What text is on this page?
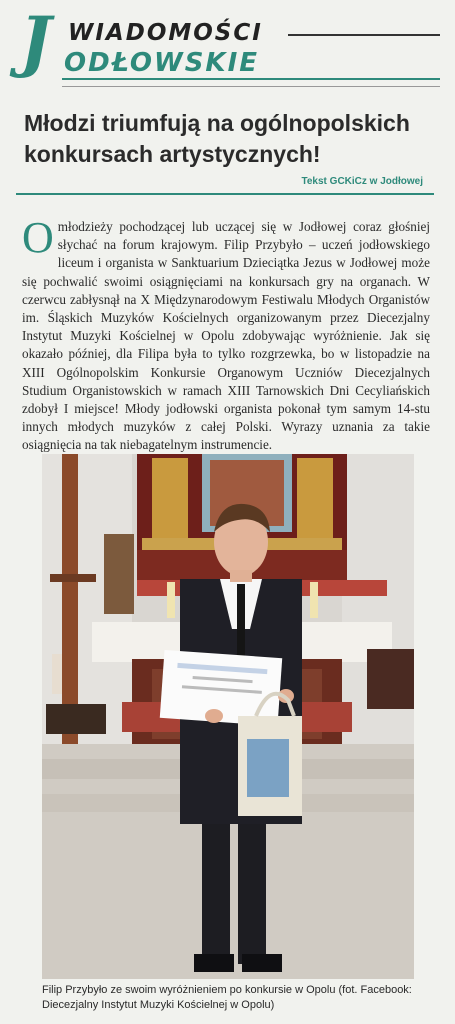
J WIADOMOŚCI
ODŁOWSKIE
Młodzi triumfują na ogólnopolskich konkursach artystycznych!
Tekst GCKiCz w Jodłowej
Omłodzieży pochodzącej lub uczącej się w Jodłowej coraz głośniej słychać na forum krajowym. Filip Przybyło – uczeń jodłowskiego liceum i organista w Sanktuarium Dzieciątka Jezus w Jodłowej może się pochwalić swoimi osiągnięciami na konkursach gry na organach. W czerwcu zabłysnął na X Międzynarodowym Festiwalu Młodych Organistów im. Śląskich Muzyków Kościelnych organizowanym przez Diecezjalny Instytut Muzyki Kościelnej w Opolu zdobywając wyróżnienie. Jak się okazało później, dla Filipa była to tylko rozgrzewka, bo w listopadzie na XIII Ogólnopolskim Konkursie Organowym Uczniów Diecezjalnych Studium Organistowskich w ramach XIII Tarnowskich Dni Cecyliańskich zdobył I miejsce! Młody jodłowski organista pokonał tym samym 14-stu innych młodych muzyków z całej Polski. Wyrazy uznania za takie osiągnięcia na tak niebagatelnym instrumencie.
Filip Przybyło ze swoim wyróżnieniem po konkursie w Opolu (fot. Facebook: Diecezjalny Instytut Muzyki Kościelnej w Opolu)
